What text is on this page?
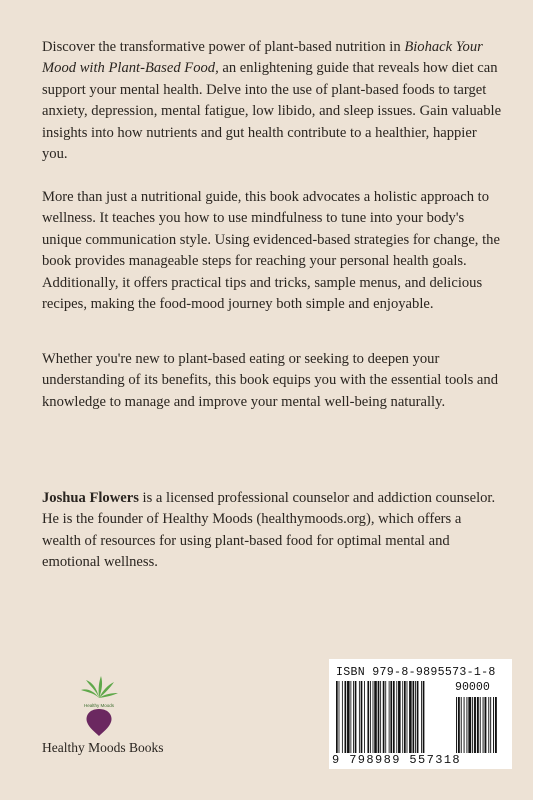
Discover the transformative power of plant-based nutrition in Biohack Your Mood with Plant-Based Food, an enlightening guide that reveals how diet can support your mental health. Delve into the use of plant-based foods to target anxiety, depression, mental fatigue, low libido, and sleep issues. Gain valuable insights into how nutrients and gut health contribute to a healthier, happier you.

More than just a nutritional guide, this book advocates a holistic approach to wellness. It teaches you how to use mindfulness to tune into your body's unique communication style. Using evidenced-based strategies for change, the book provides manageable steps for reaching your personal health goals. Additionally, it offers practical tips and tricks, sample menus, and delicious recipes, making the food-mood journey both simple and enjoyable.

Whether you're new to plant-based eating or seeking to deepen your understanding of its benefits, this book equips you with the essential tools and knowledge to manage and improve your mental well-being naturally.

Joshua Flowers is a licensed professional counselor and addiction counselor. He is the founder of Healthy Moods (healthymoods.org), which offers a wealth of resources for using plant-based food for optimal mental and emotional wellness.

Healthy Moods
Healthy Moods Books
ISBN 979-8-9895573-1-8
90000
9 798989 557318
